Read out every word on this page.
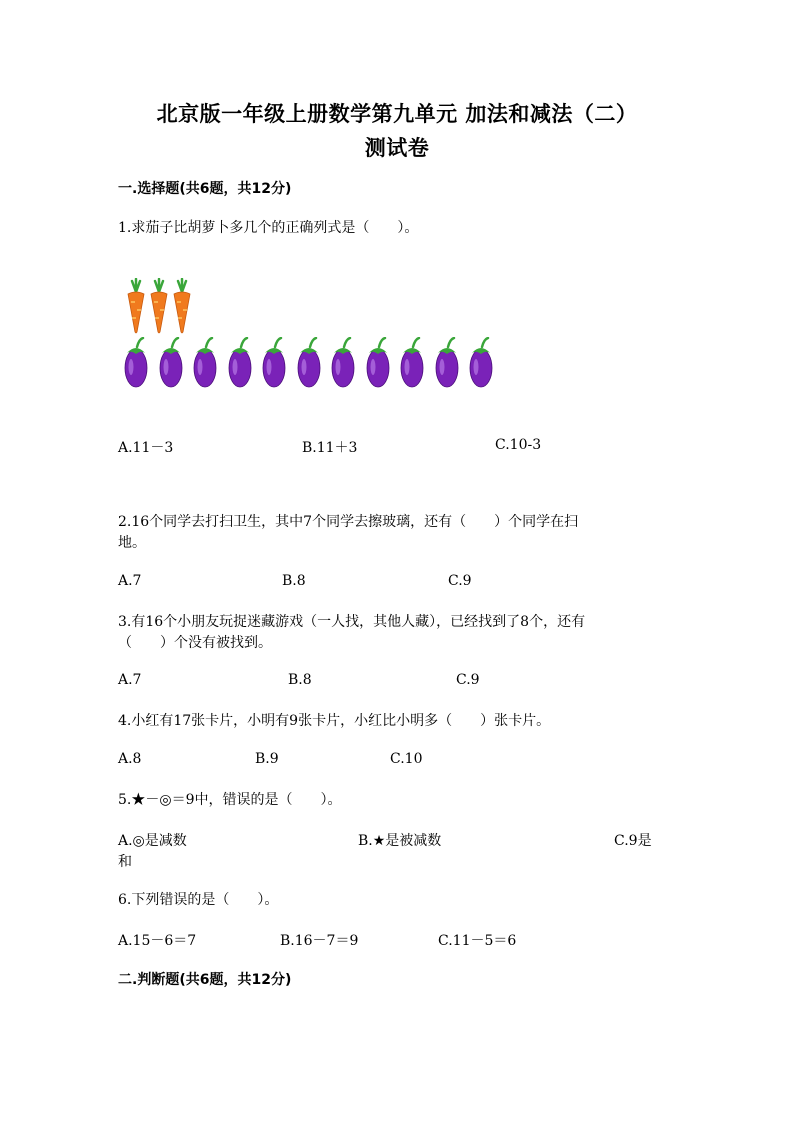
北京版一年级上册数学第九单元 加法和减法（二）
测试卷
一.选择题(共6题，共12分)
1.求茄子比胡萝卜多几个的正确列式是（　　）。
A.11－3	B.11＋3	C.10-3
2.16个同学去打扫卫生，其中7个同学去擦玻璃，还有（　　）个同学在扫
地。
A.7	B.8	C.9
3.有16个小朋友玩捉迷藏游戏（一人找，其他人藏），已经找到了8个，还有
（　　）个没有被找到。
A.7	B.8	C.9
4.小红有17张卡片，小明有9张卡片，小红比小明多（　　）张卡片。
A.8	B.9	C.10
5.★－◎＝9中，错误的是（　　）。
A.◎是减数	B.★是被减数	C.9是
和
6.下列错误的是（　　）。
A.15－6＝7	B.16－7＝9	C.11－5＝6
二.判断题(共6题，共12分)
